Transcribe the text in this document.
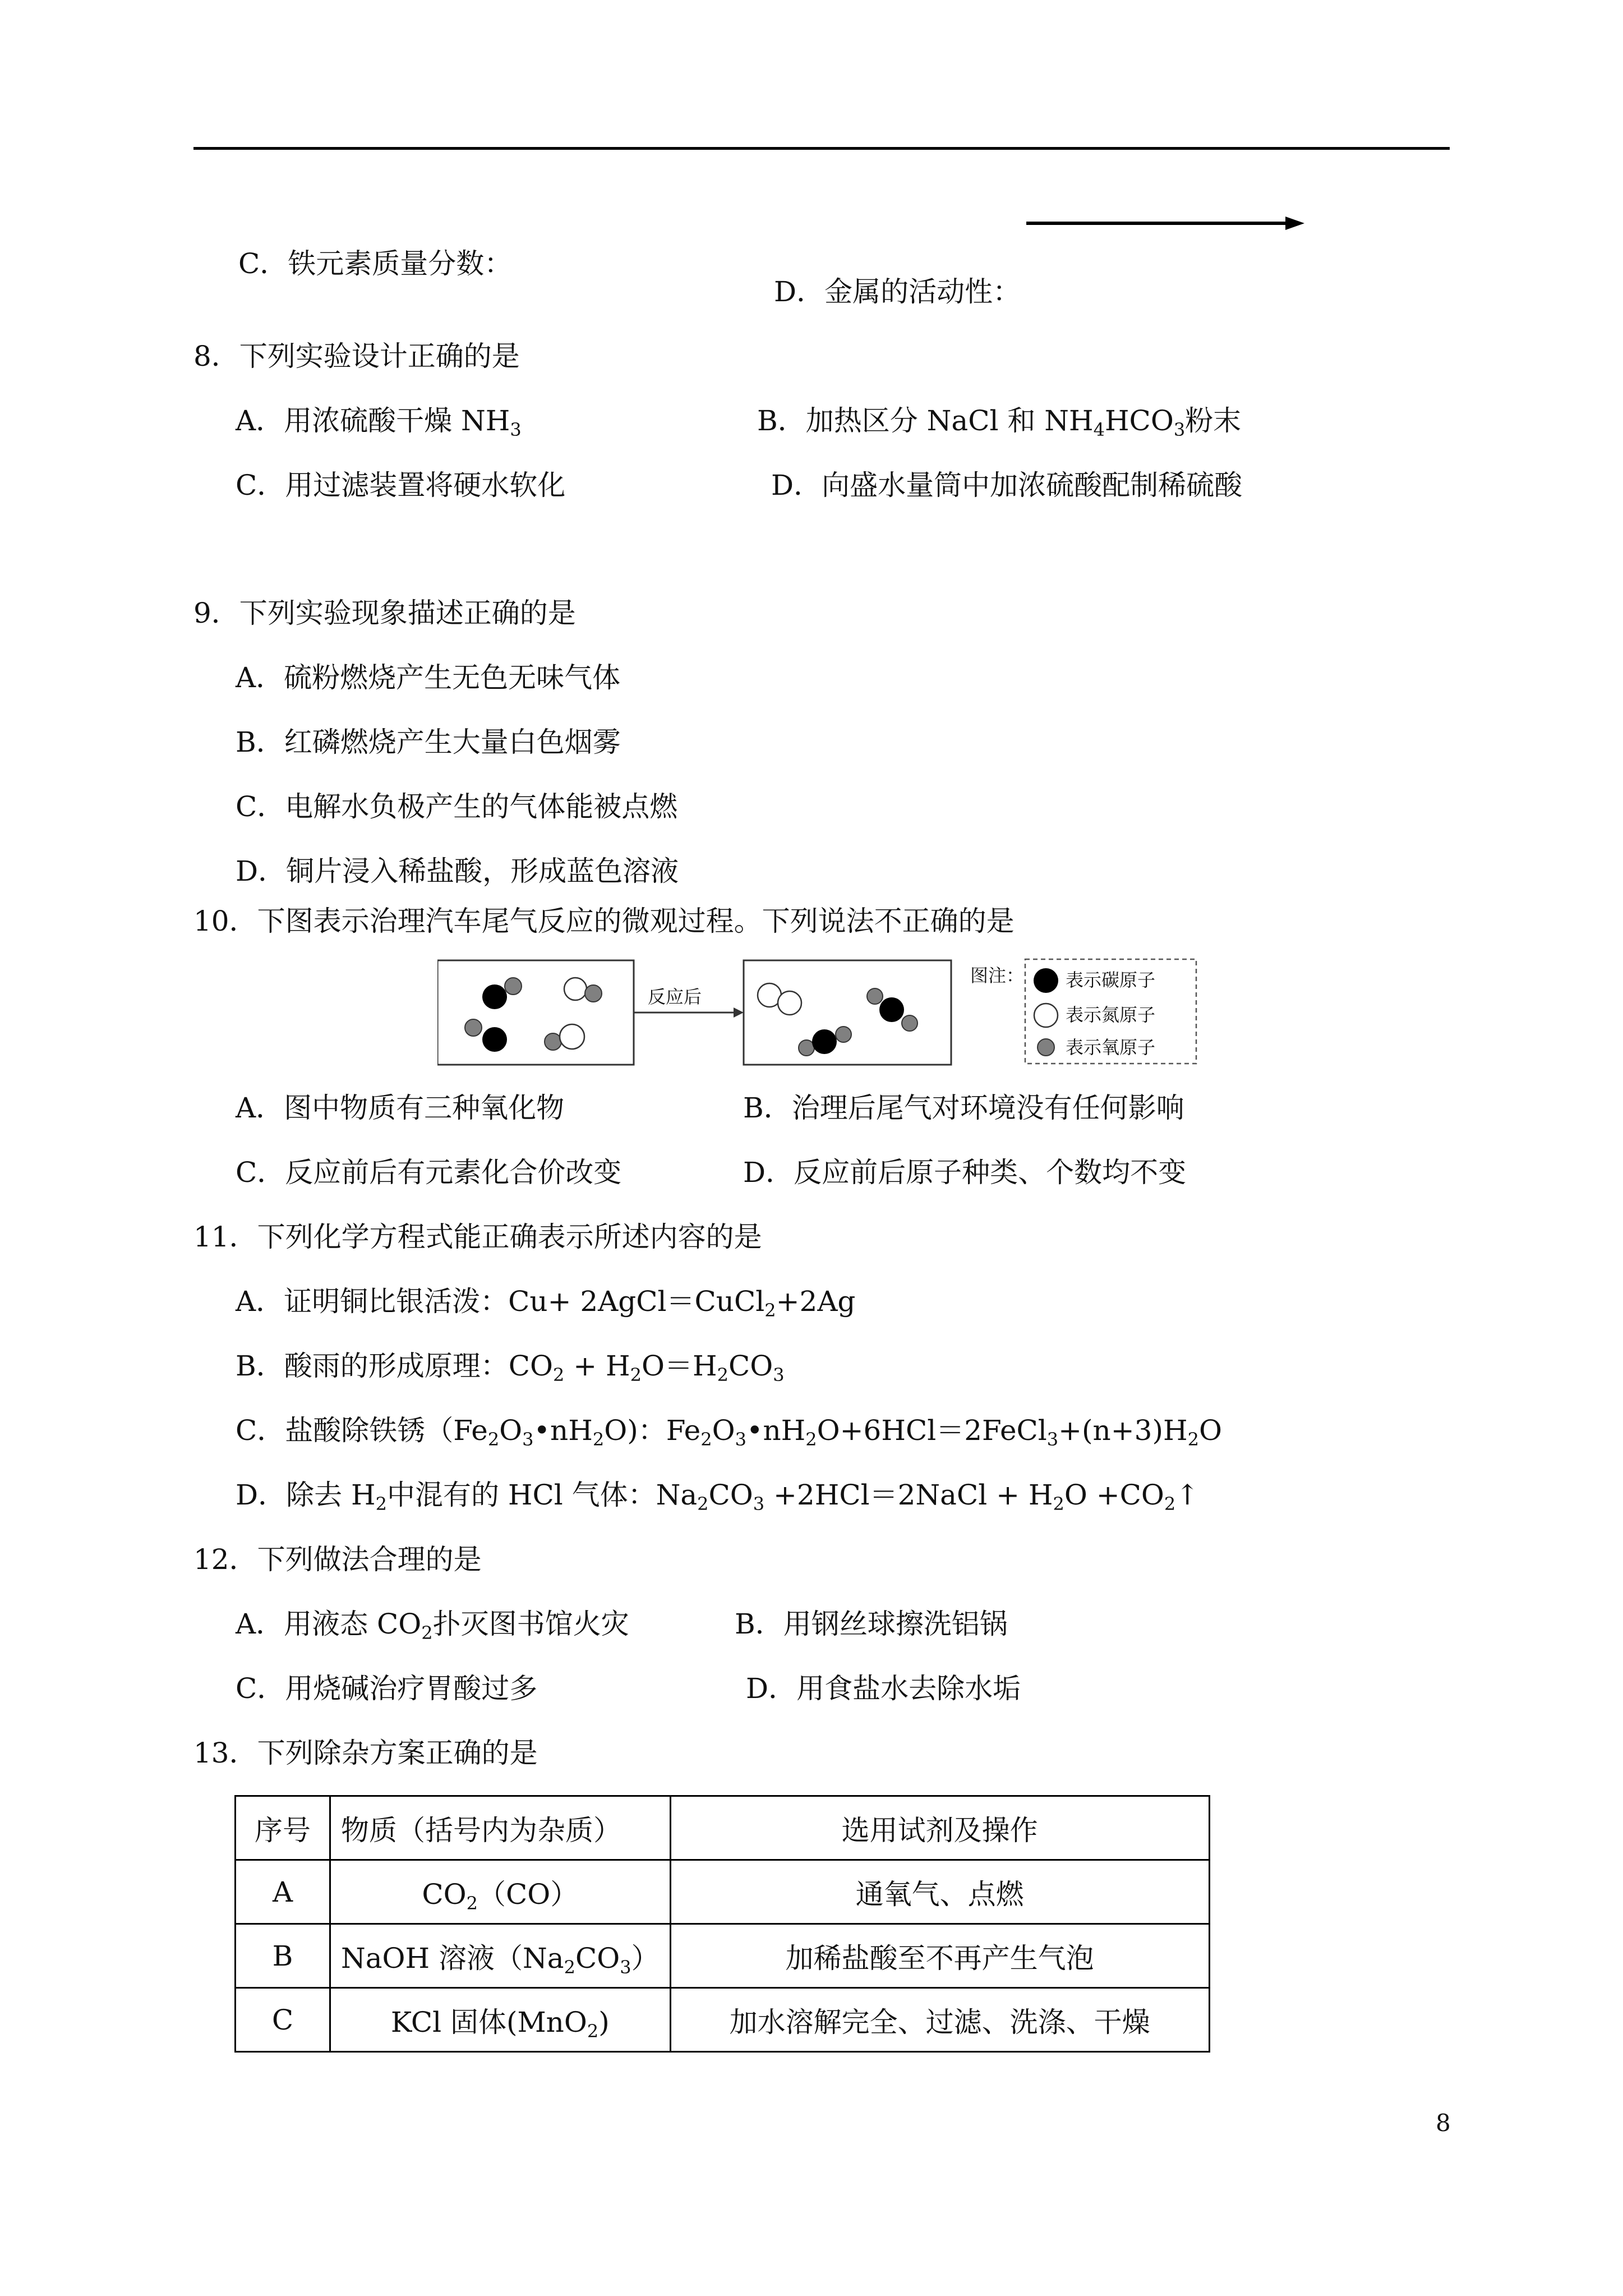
C．铁元素质量分数：
D．金属的活动性：
8．下列实验设计正确的是
A．用浓硫酸干燥 $NH_3$	B．加热区分 NaCl 和 $NH_4HCO_3$粉末
C．用过滤装置将硬水软化	D．向盛水量筒中加浓硫酸配制稀硫酸
9．下列实验现象描述正确的是
A．硫粉燃烧产生无色无味气体
B．红磷燃烧产生大量白色烟雾
C．电解水负极产生的气体能被点燃
D．铜片浸入稀盐酸，形成蓝色溶液
10．下图表示治理汽车尾气反应的微观过程。下列说法不正确的是
反应后
图注： 表示碳原子
表示氮原子
表示氧原子
A．图中物质有三种氧化物	B．治理后尾气对环境没有任何影响
C．反应前后有元素化合价改变	D．反应前后原子种类、个数均不变
11．下列化学方程式能正确表示所述内容的是
A．证明铜比银活泼：Cu+ 2AgCl＝CuCl$_2$+2Ag
B．酸雨的形成原理：$CO_2 + H_2O=H_2CO_3$
C．盐酸除铁锈$(Fe_2O_3•nH_2O)$：$Fe_2O_3•nH_2O+6HCl=2FeCl_3+(n+3)H_2O$
D．除去 $H_2$中混有的 HCl 气体：$Na_2CO_3$ +2HCl＝2NaCl + $H_2O$ $+CO_2↑$
12．下列做法合理的是
A．用液态 $CO_2$扑灭图书馆火灾	B．用钢丝球擦洗铝锅
C．用烧碱治疗胃酸过多	D．用食盐水去除水垢
13．下列除杂方案正确的是
序号	物质（括号内为杂质）	选用试剂及操作
A	$CO_2(CO)$	通氧气、点燃
B	NaOH 溶液$(Na_2CO_3)$	加稀盐酸至不再产生气泡
C	KCl 固体(MnO$_2$)	加水溶解完全、过滤、洗涤、干燥
8
